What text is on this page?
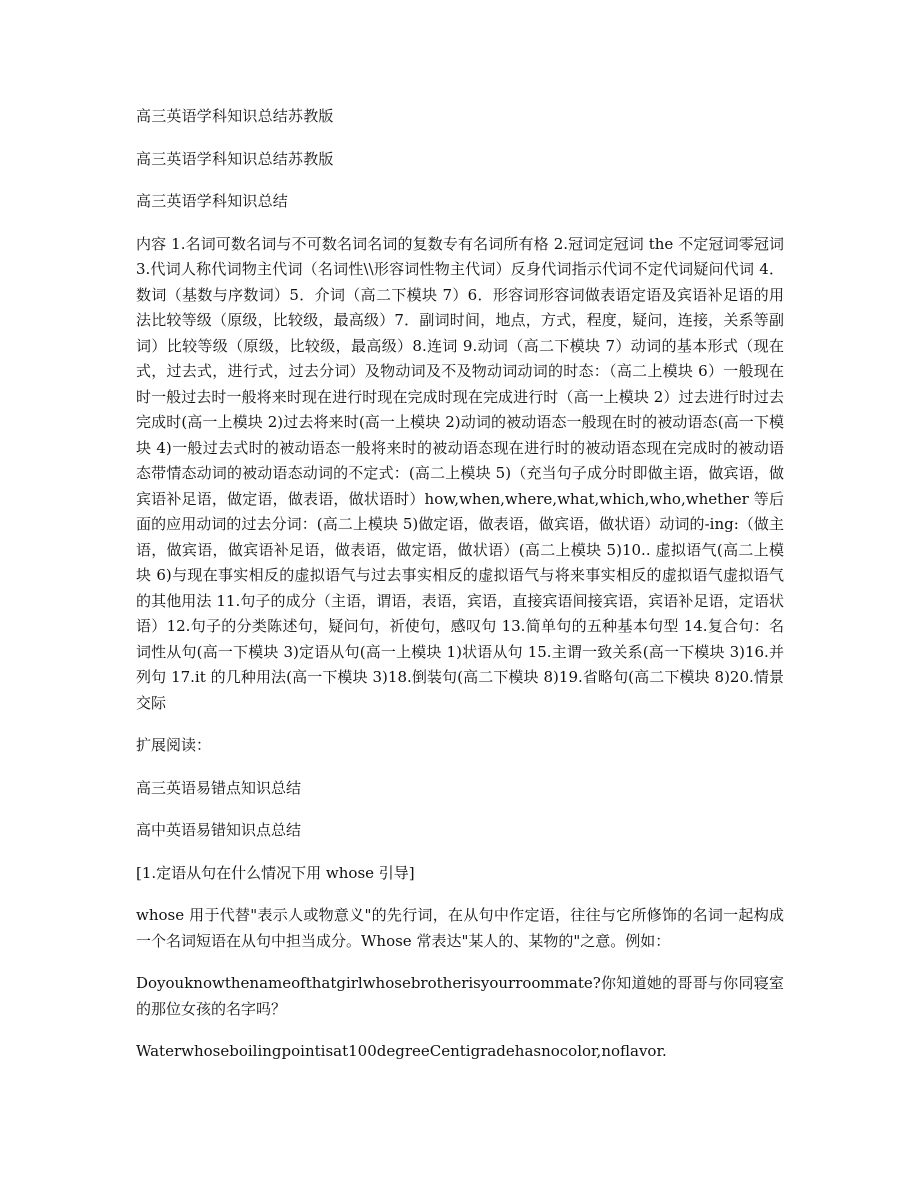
高三英语学科知识总结苏教版

高三英语学科知识总结苏教版

高三英语学科知识总结

内容 1.名词可数名词与不可数名词名词的复数专有名词所有格 2.冠词定冠词 the 不定冠词零冠词 3.代词人称代词物主代词（名词性\\形容词性物主代词）反身代词指示代词不定代词疑问代词 4．数词（基数与序数词）5．介词（高二下模块 7）6．形容词形容词做表语定语及宾语补足语的用法比较等级（原级，比较级，最高级）7．副词时间，地点，方式，程度，疑问，连接，关系等副词）比较等级（原级，比较级，最高级）8.连词 9.动词（高二下模块 7）动词的基本形式（现在式，过去式，进行式，过去分词）及物动词及不及物动词动词的时态：（高二上模块 6）一般现在时一般过去时一般将来时现在进行时现在完成时现在完成进行时（高一上模块 2）过去进行时过去完成时(高一上模块 2)过去将来时(高一上模块 2)动词的被动语态一般现在时的被动语态(高一下模块 4)一般过去式时的被动语态一般将来时的被动语态现在进行时的被动语态现在完成时的被动语态带情态动词的被动语态动词的不定式：(高二上模块 5)（充当句子成分时即做主语，做宾语，做宾语补足语，做定语，做表语，做状语时）how,when,where,what,which,who,whether 等后面的应用动词的过去分词：(高二上模块 5)做定语，做表语，做宾语，做状语）动词的-ing:（做主语，做宾语，做宾语补足语，做表语，做定语，做状语）(高二上模块 5)10.. 虚拟语气(高二上模块 6)与现在事实相反的虚拟语气与过去事实相反的虚拟语气与将来事实相反的虚拟语气虚拟语气的其他用法 11.句子的成分（主语，谓语，表语，宾语，直接宾语间接宾语，宾语补足语，定语状语）12.句子的分类陈述句，疑问句，祈使句，感叹句 13.简单句的五种基本句型 14.复合句：名词性从句(高一下模块 3)定语从句(高一上模块 1)状语从句 15.主谓一致关系(高一下模块 3)16.并列句 17.it 的几种用法(高一下模块 3)18.倒装句(高二下模块 8)19.省略句(高二下模块 8)20.情景交际

扩展阅读：

高三英语易错点知识总结

高中英语易错知识点总结

[1.定语从句在什么情况下用 whose 引导]

whose 用于代替"表示人或物意义"的先行词，在从句中作定语，往往与它所修饰的名词一起构成一个名词短语在从句中担当成分。Whose 常表达"某人的、某物的"之意。例如：

Doyouknowthenameofthatgirlwhosebrotherisyourroommate?你知道她的哥哥与你同寝室的那位女孩的名字吗？

Waterwhoseboilingpointisat100degreeCentigradehasnocolor,noflavor.
